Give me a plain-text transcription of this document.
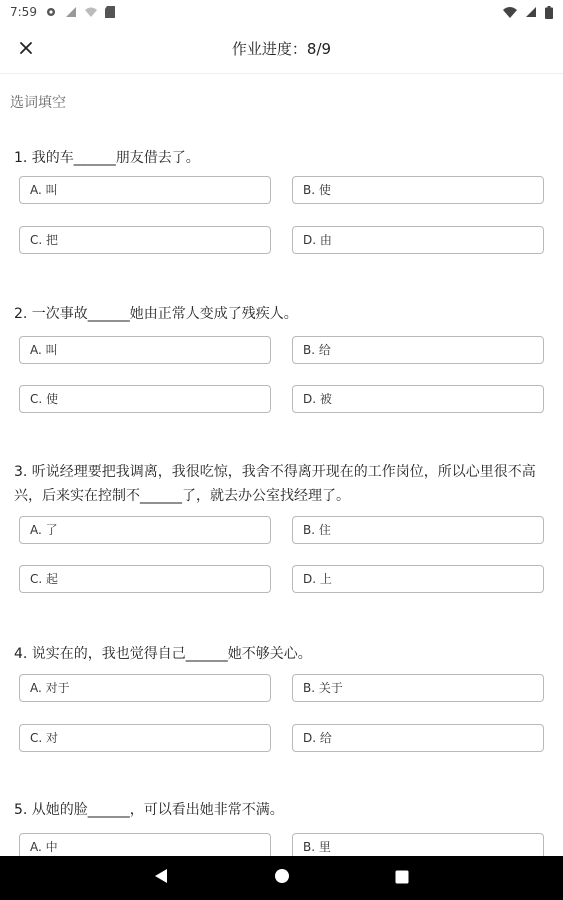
7:59
作业进度：8/9
选词填空
1. 我的车______朋友借去了。
A. 叫	B. 使
C. 把	D. 由
2. 一次事故______她由正常人变成了残疾人。
A. 叫	B. 给
C. 使	D. 被
3. 听说经理要把我调离，我很吃惊，我舍不得离开现在的工作岗位，所以心里很不高兴，后来实在控制不______了，就去办公室找经理了。
A. 了	B. 住
C. 起	D. 上
4. 说实在的，我也觉得自己______她不够关心。
A. 对于	B. 关于
C. 对	D. 给
5. 从她的脸______，可以看出她非常不满。
A. 中	B. 里
